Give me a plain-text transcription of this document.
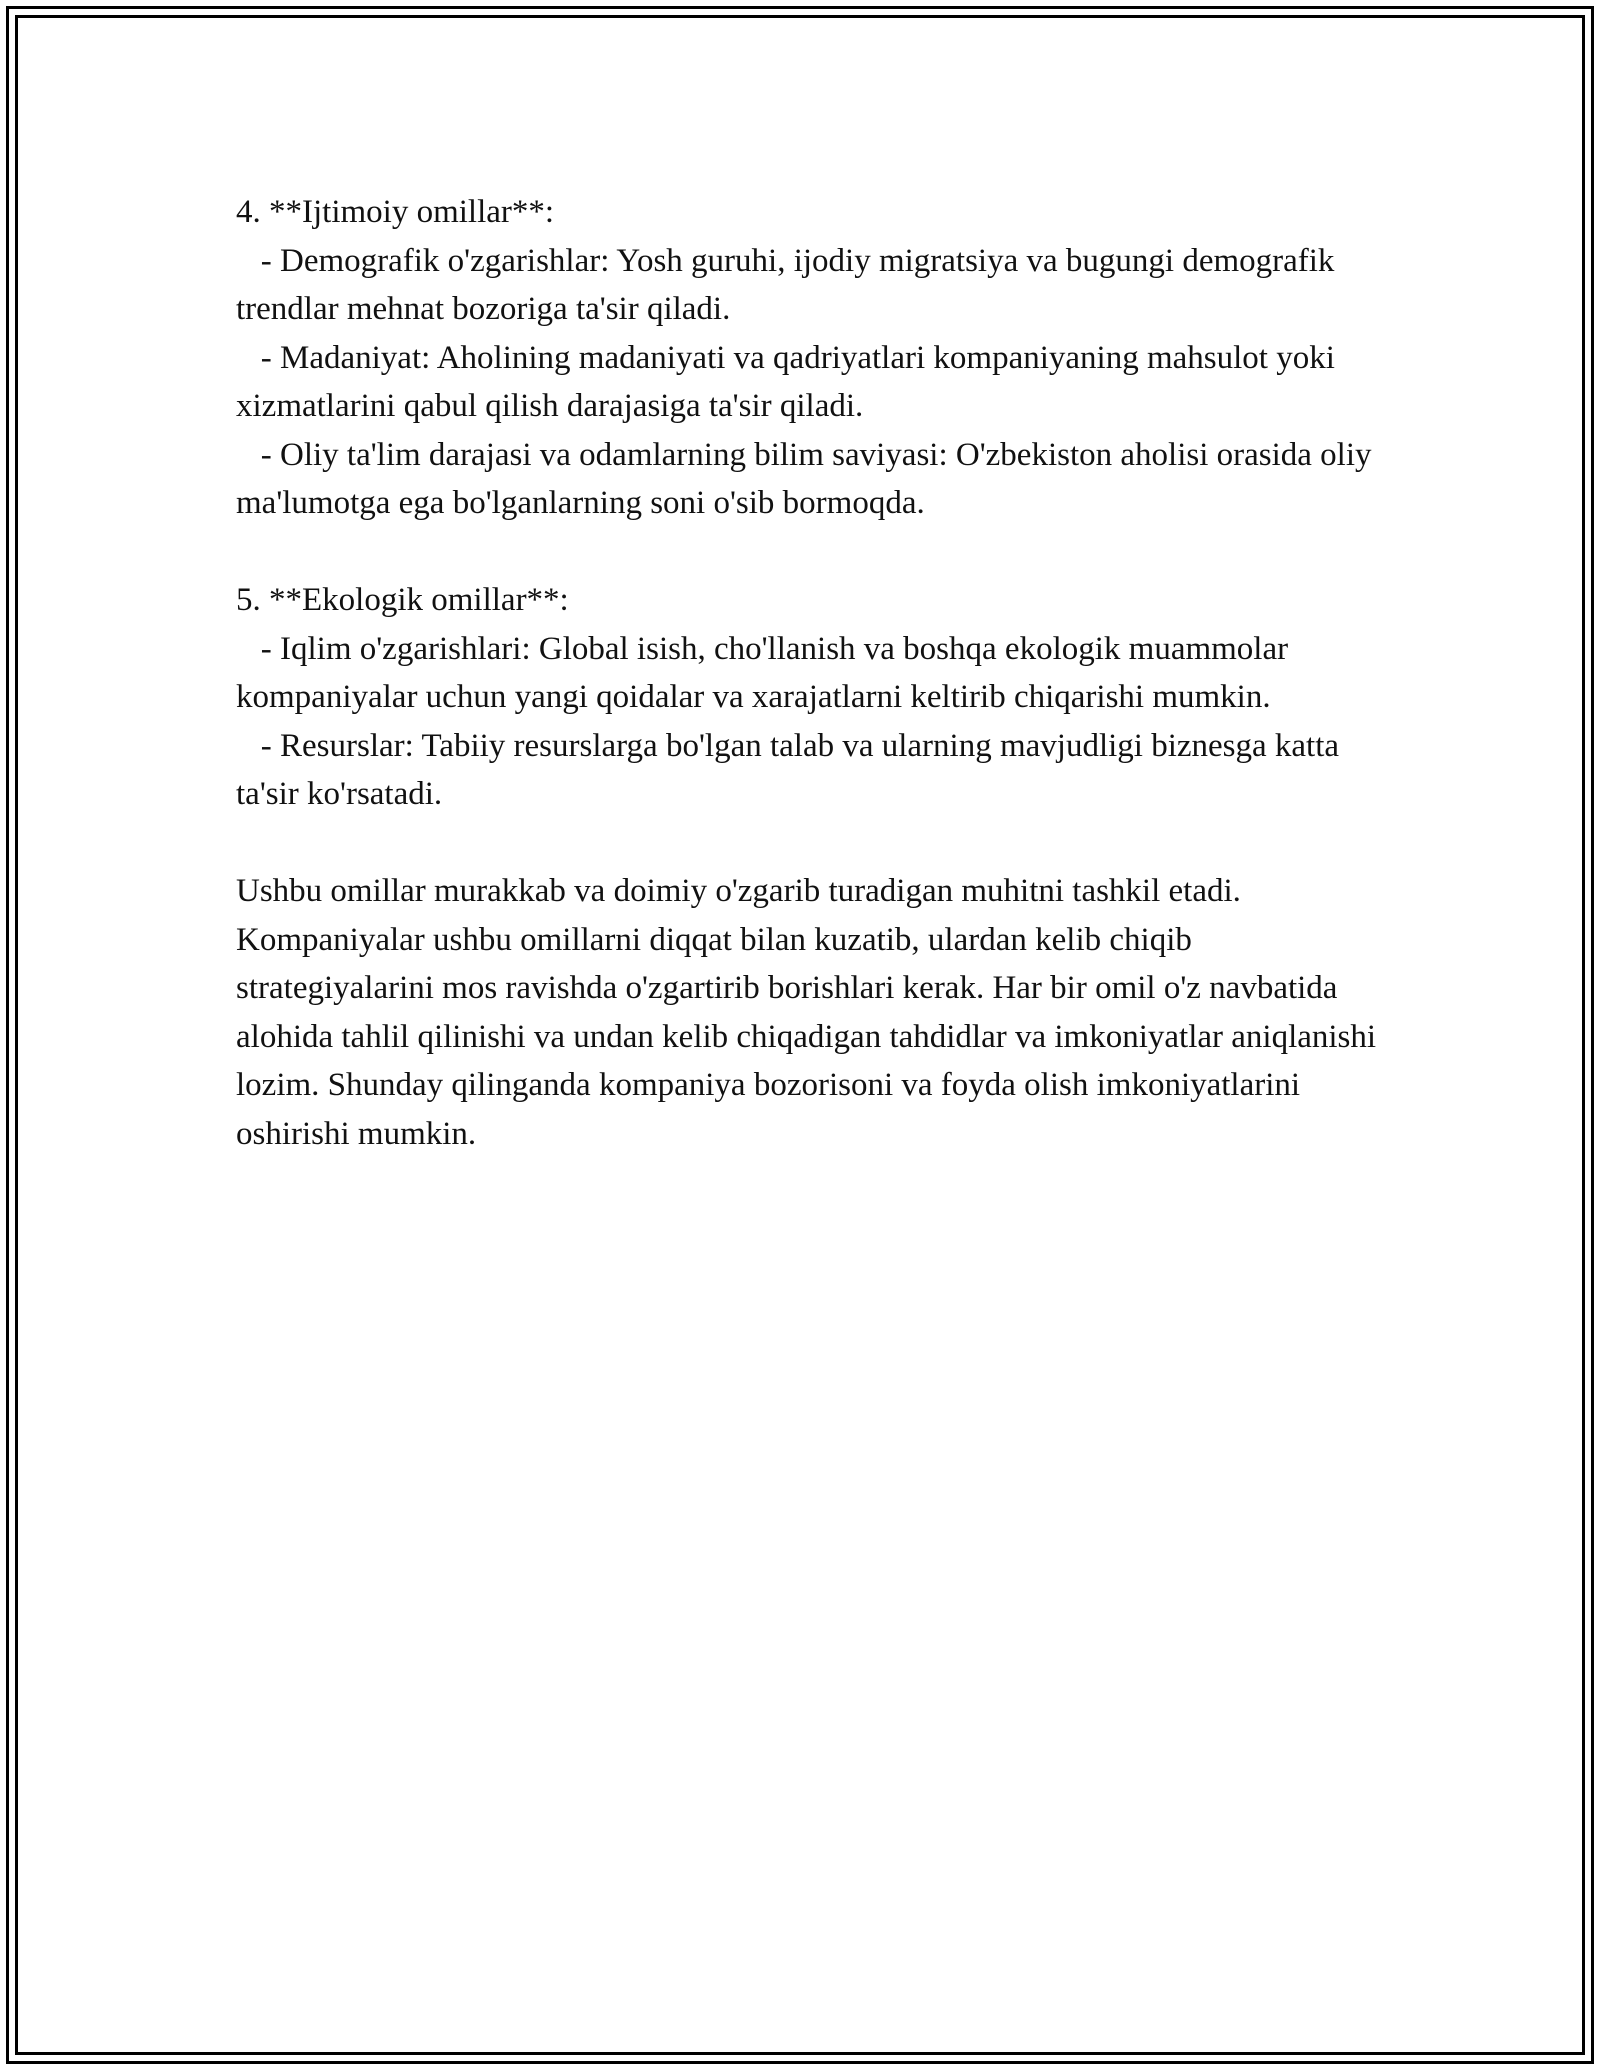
4. **Ijtimoiy omillar**:

- Demografik o'zgarishlar: Yosh guruhi, ijodiy migratsiya va bugungi demografik trendlar mehnat bozoriga ta'sir qiladi.

- Madaniyat: Aholining madaniyati va qadriyatlari kompaniyaning mahsulot yoki xizmatlarini qabul qilish darajasiga ta'sir qiladi.

- Oliy ta'lim darajasi va odamlarning bilim saviyasi: O'zbekiston aholisi orasida oliy ma'lumotga ega bo'lganlarning soni o'sib bormoqda.

5. **Ekologik omillar**:

- Iqlim o'zgarishlari: Global isish, cho'llanish va boshqa ekologik muammolar kompaniyalar uchun yangi qoidalar va xarajatlarni keltirib chiqarishi mumkin.

- Resurslar: Tabiiy resurslarga bo'lgan talab va ularning mavjudligi biznesga katta ta'sir ko'rsatadi.

Ushbu omillar murakkab va doimiy o'zgarib turadigan muhitni tashkil etadi. Kompaniyalar ushbu omillarni diqqat bilan kuzatib, ulardan kelib chiqib strategiyalarini mos ravishda o'zgartirib borishlari kerak. Har bir omil o'z navbatida alohida tahlil qilinishi va undan kelib chiqadigan tahdidlar va imkoniyatlar aniqlanishi lozim. Shunday qilinganda kompaniya bozorisoni va foyda olish imkoniyatlarini oshirishi mumkin.
